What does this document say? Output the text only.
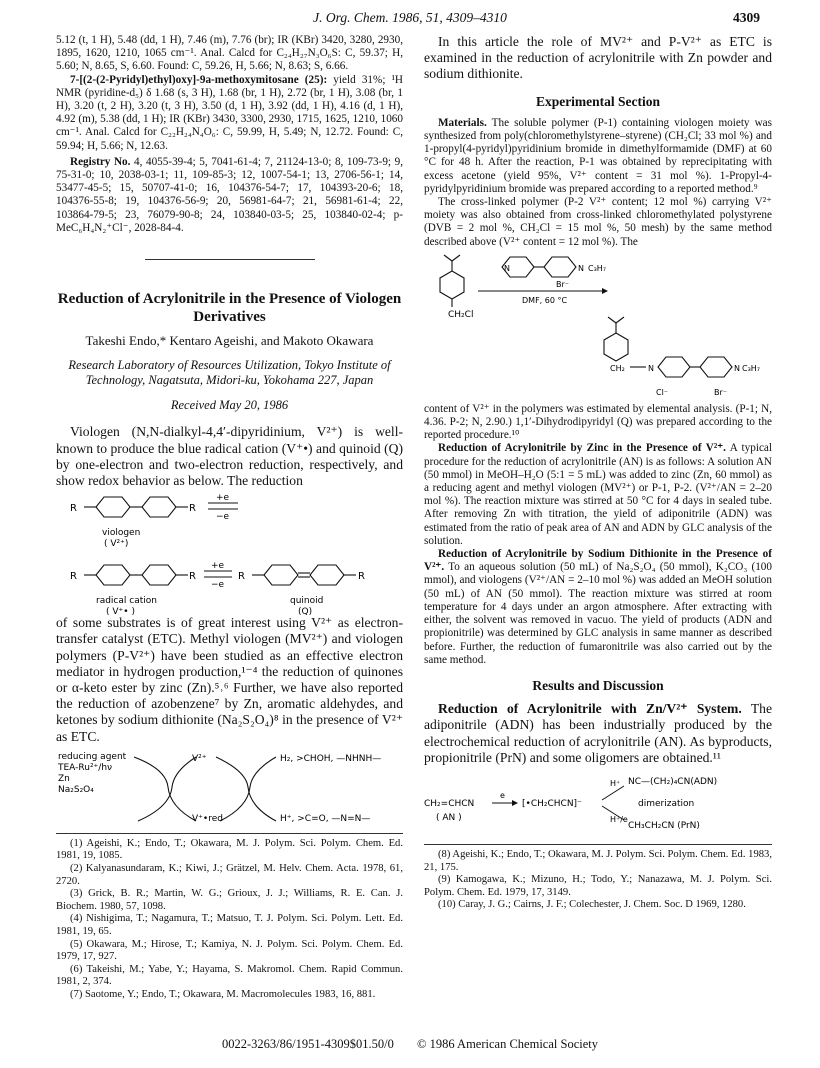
J. Org. Chem. 1986, 51, 4309–4310	4309

5.12 (t, 1 H), 5.48 (dd, 1 H), 7.46 (m), 7.76 (br); IR (KBr) 3420, 3280, 2930, 1895, 1620, 1210, 1065 cm⁻¹. Anal. Calcd for C₂₄H₂₇N₃O₆S: C, 59.37; H, 5.60; N, 8.65, S, 6.60. Found: C, 59.26, H, 5.66; N, 8.63; S, 6.66.

7-[(2-(2-Pyridyl)ethyl)oxy]-9a-methoxymitosane (25): yield 31%; ¹H NMR (pyridine-d₅) δ 1.68 (s, 3 H), 1.68 (br, 1 H), 2.72 (br, 1 H), 3.08 (br, 1 H), 3.20 (t, 2 H), 3.20 (t, 3 H), 3.50 (d, 1 H), 3.92 (dd, 1 H), 4.16 (d, 1 H), 4.92 (m), 5.38 (dd, 1 H); IR (KBr) 3430, 3300, 2930, 1715, 1625, 1210, 1060 cm⁻¹. Anal. Calcd for C₂₂H₂₄N₄O₆: C, 59.99, H, 5.49; N, 12.72. Found: C, 59.94; H, 5.66; N, 12.63.

Registry No. 4, 4055-39-4; 5, 7041-61-4; 7, 21124-13-0; 8, 109-73-9; 9, 75-31-0; 10, 2038-03-1; 11, 109-85-3; 12, 1007-54-1; 13, 2706-56-1; 14, 53477-45-5; 15, 50707-41-0; 16, 104376-54-7; 17, 104393-20-6; 18, 104376-55-8; 19, 104376-56-9; 20, 56981-64-7; 21, 56981-61-4; 22, 103864-79-5; 23, 76079-90-8; 24, 103840-03-5; 25, 103840-02-4; p-MeC₆H₄N₂⁺Cl⁻, 2028-84-4.

Reduction of Acrylonitrile in the Presence of Viologen Derivatives
Takeshi Endo,* Kentaro Ageishi, and Makoto Okawara
Research Laboratory of Resources Utilization, Tokyo Institute of Technology, Nagatsuta, Midori-ku, Yokohama 227, Japan
Received May 20, 1986

Viologen (N,N-dialkyl-4,4′-dipyridinium, V²⁺) is well-known to produce the blue radical cation (V⁺•) and quinoid (Q) by one-electron and two-electron reduction, respectively, and show redox behavior as below. The reduction

R	R
+e
−e
viologen
( V²⁺)
R	R
+e
−e
R	R
radical cation
( V⁺• )
quinoid
(Q)

of some substrates is of great interest using V²⁺ as electron-transfer catalyst (ETC). Methyl viologen (MV²⁺) and viologen polymers (P-V²⁺) have been studied as an effective electron mediator in hydrogen production,¹⁻⁴ the reduction of quinones or α-keto ester by zinc (Zn).⁵˒⁶ Further, we have also reported the reduction of azobenzene⁷ by Zn, aromatic aldehydes, and ketones by sodium dithionite (Na₂S₂O₄)⁸ in the presence of V²⁺ as ETC.

reducing agent
TEA-Ru²⁺/hν
Zn
Na₂S₂O₄
V²⁺
V⁺•red
H₂, >CHOH, —NHNH—
H⁺, >C=O, —N=N—

(1) Ageishi, K.; Endo, T.; Okawara, M. J. Polym. Sci. Polym. Chem. Ed. 1981, 19, 1085.

(2) Kalyanasundaram, K.; Kiwi, J.; Grätzel, M. Helv. Chem. Acta. 1978, 61, 2720.

(3) Grick, B. R.; Martin, W. G.; Grioux, J. J.; Williams, R. E. Can. J. Biochem. 1980, 57, 1098.

(4) Nishigima, T.; Nagamura, T.; Matsuo, T. J. Polym. Sci. Polym. Lett. Ed. 1981, 19, 65.

(5) Okawara, M.; Hirose, T.; Kamiya, N. J. Polym. Sci. Polym. Chem. Ed. 1979, 17, 927.

(6) Takeishi, M.; Yabe, Y.; Hayama, S. Makromol. Chem. Rapid Commun. 1981, 2, 374.

(7) Saotome, Y.; Endo, T.; Okawara, M. Macromolecules 1983, 16, 881.

In this article the role of MV²⁺ and P-V²⁺ as ETC is examined in the reduction of acrylonitrile with Zn powder and sodium dithionite.

Experimental Section

Materials. The soluble polymer (P-1) containing viologen moiety was synthesized from poly(chloromethylstyrene–styrene) (CH₂Cl; 33 mol %) and 1-propyl(4-pyridyl)pyridinium bromide in dimethylformamide (DMF) at 60 °C for 48 h. After the reaction, P-1 was obtained by reprecipitating with excess acetone (yield 95%, V²⁺ content = 31 mol %). 1-Propyl-4-pyridylpyridinium bromide was prepared according to a reported method.⁹

The cross-linked polymer (P-2 V²⁺ content; 12 mol %) carrying V²⁺ moiety was also obtained from cross-linked chloromethylated polystyrene (DVB = 2 mol %, CH₂Cl = 15 mol %, 50 mesh) by the same method described above (V²⁺ content = 12 mol %). The

CH₂Cl
N	N C₃H₇
Br⁻
DMF, 60 °C
CH₂	N	N C₃H₇
Cl⁻	Br⁻

content of V²⁺ in the polymers was estimated by elemental analysis. (P-1; N, 4.36. P-2; N, 2.90.) 1,1′-Dihydrodipyridyl (Q) was prepared according to the reported procedure.¹⁰

Reduction of Acrylonitrile by Zinc in the Presence of V²⁺. A typical procedure for the reduction of acrylonitrile (AN) is as follows: A solution AN (50 mmol) in MeOH–H₂O (5:1 = 5 mL) was added to zinc (Zn, 60 mmol) as a reducing agent and methyl viologen (MV²⁺) or P-1, P-2. (V²⁺/AN = 2–20 mol %). The reaction mixture was stirred at 50 °C for 4 days in sealed tube. After removing Zn with titration, the yield of adiponitrile (ADN) was estimated from the ratio of peak area of AN and ADN by GLC analysis of the solution.

Reduction of Acrylonitrile by Sodium Dithionite in the Presence of V²⁺. To an aqueous solution (50 mL) of Na₂S₂O₄ (50 mmol), K₂CO₃ (100 mmol), and viologens (V²⁺/AN = 2–10 mol %) was added an MeOH solution (50 mL) of AN (50 mmol). The reaction mixture was stirred at room temperature for 4 days under an argon atmosphere. After extracting with either, the solvent was removed in vacuo. The yield of products (ADN and propionitrile) was determined by GLC analysis in same manner as described before. Further, the reduction of fumaronitrile was also carried out by the same method.

Results and Discussion

Reduction of Acrylonitrile with Zn/V²⁺ System. The adiponitrile (ADN) has been industrially produced by the electrochemical reduction of acrylonitrile (AN). As byproducts, propionitrile (PrN) and some oligomers are obtained.¹¹

CH₂=CHCN
( AN )
e
[•CH₂CHCN]⁻
H⁺
H⁺/e
NC—(CH₂)₄CN(ADN)
dimerization
CH₃CH₂CN (PrN)

(8) Ageishi, K.; Endo, T.; Okawara, M. J. Polym. Sci. Polym. Chem. Ed. 1983, 21, 175.

(9) Kamogawa, K.; Mizuno, H.; Todo, Y.; Nanazawa, M. J. Polym. Sci. Polym. Chem. Ed. 1979, 17, 3149.

(10) Caray, J. G.; Cairns, J. F.; Colechester, J. Chem. Soc. D 1969, 1280.

0022-3263/86/1951-4309$01.50/0 © 1986 American Chemical Society
